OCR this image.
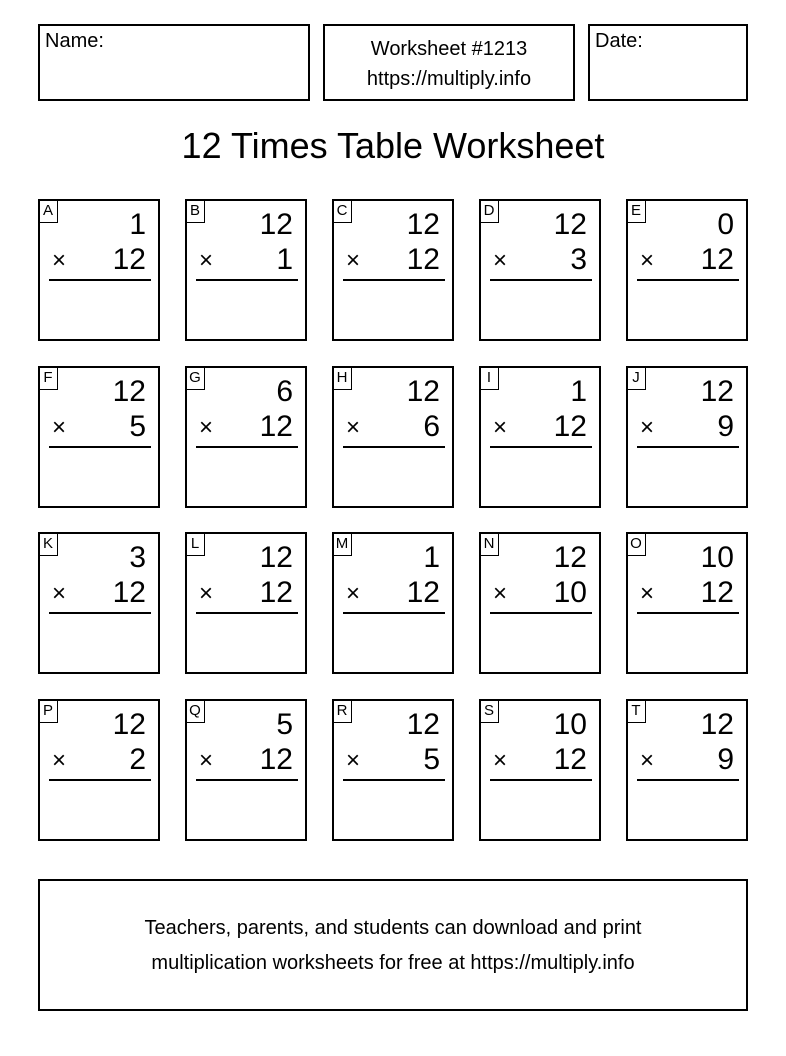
Name:	Worksheet #1213
https://multiply.info
Date:
12 Times Table Worksheet
A	1
× 12
B 12
× 1
C 12
× 12
D 12
× 3
E	0
× 12
F 12
× 5
G	6
× 12
H 12
× 6
I	1
× 12
J 12
× 9
K	3
× 12
L 12
× 12
M	1
× 12
N 12
× 10
O 10
× 12
P 12
× 2
Q	5
× 12
R 12
× 5
S 10
× 12
T 12
× 9
Teachers, parents, and students can download and print
multiplication worksheets for free at https://multiply.info
